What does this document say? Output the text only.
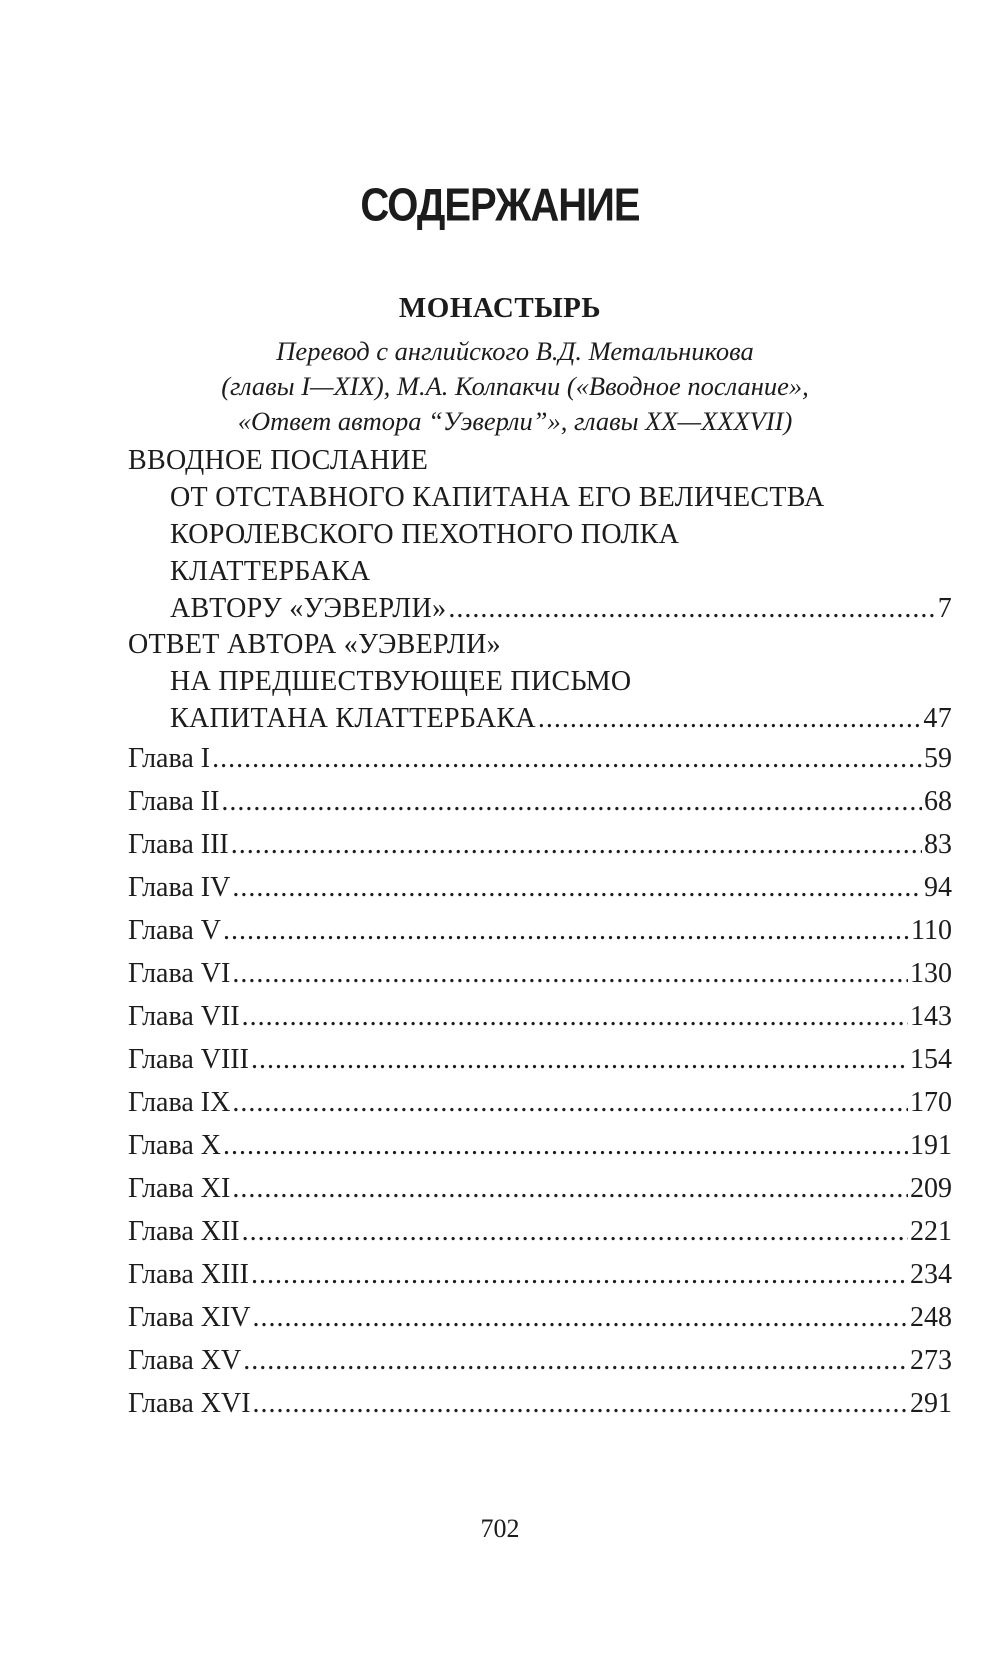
СОДЕРЖАНИЕ
МОНАСТЫРЬ
Перевод с английского В.Д. Метальникова
(главы I—XIX), М.А. Колпакчи («Вводное послание»,
«Ответ автора “Уэверли”», главы XX—XXXVII)
ВВОДНОЕ ПОСЛАНИЕ
ОТ ОТСТАВНОГО КАПИТАНА ЕГО ВЕЛИЧЕСТВА
КОРОЛЕВСКОГО ПЕХОТНОГО ПОЛКА
КЛАТТЕРБАКА
АВТОРУ «УЭВЕРЛИ» .....	7
ОТВЕТ АВТОРА «УЭВЕРЛИ»
НА ПРЕДШЕСТВУЮЩЕЕ ПИСЬМО
КАПИТАНА КЛАТТЕРБАКА .....	47
Глава I .....	59
Глава II .....	68
Глава III .....	83
Глава IV .....	94
Глава V .....	110
Глава VI .....	130
Глава VII .....	143
Глава VIII .....	154
Глава IX .....	170
Глава X .....	191
Глава XI .....	209
Глава XII .....	221
Глава XIII .....	234
Глава XIV .....	248
Глава XV .....	273
Глава XVI .....	291
702
